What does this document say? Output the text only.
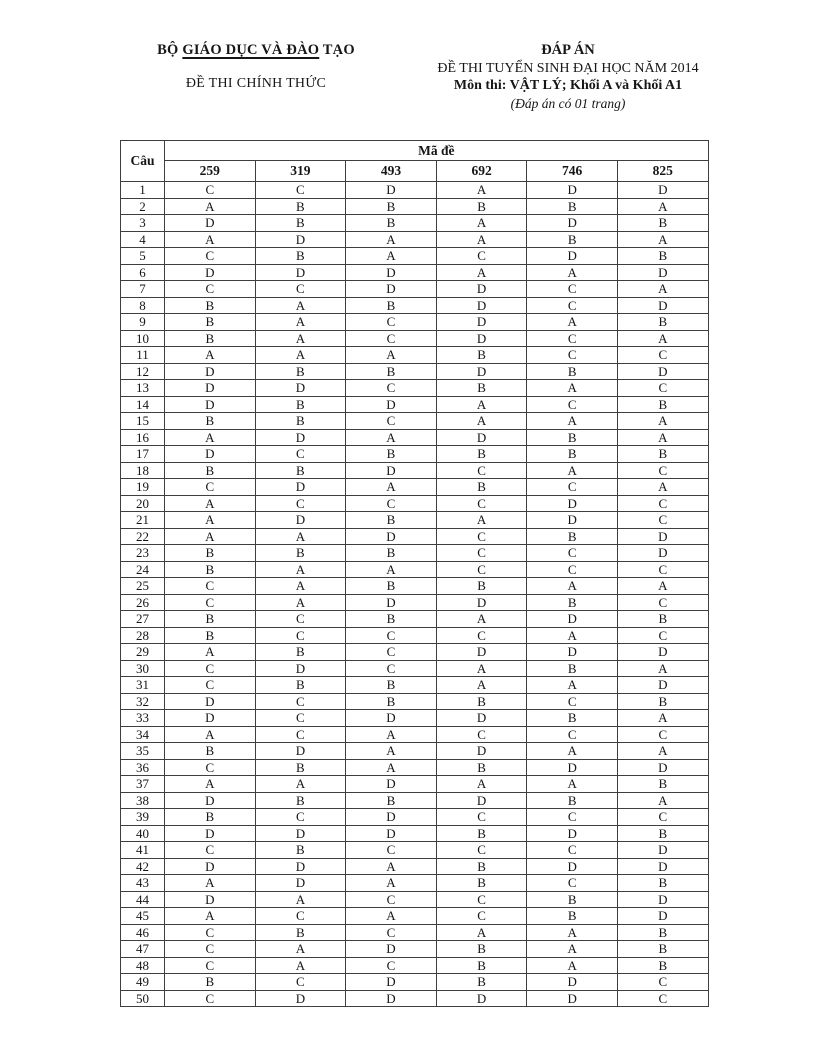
BỘ GIÁO DỤC VÀ ĐÀO TẠO
ĐỀ THI CHÍNH THỨC
ĐÁP ÁN
ĐỀ THI TUYỂN SINH ĐẠI HỌC NĂM 2014
Môn thi: VẬT LÝ; Khối A và Khối A1
(Đáp án có 01 trang)
Câu	Mã đề					
	259	319	493	692	746	825
1	C	C	D	A	D	D
2	A	B	B	B	B	A
3	D	B	B	A	D	B
4	A	D	A	A	B	A
5	C	B	A	C	D	B
6	D	D	D	A	A	D
7	C	C	D	D	C	A
8	B	A	B	D	C	D
9	B	A	C	D	A	B
10	B	A	C	D	C	A
11	A	A	A	B	C	C
12	D	B	B	D	B	D
13	D	D	C	B	A	C
14	D	B	D	A	C	B
15	B	B	C	A	A	A
16	A	D	A	D	B	A
17	D	C	B	B	B	B
18	B	B	D	C	A	C
19	C	D	A	B	C	A
20	A	C	C	C	D	C
21	A	D	B	A	D	C
22	A	A	D	C	B	D
23	B	B	B	C	C	D
24	B	A	A	C	C	C
25	C	A	B	B	A	A
26	C	A	D	D	B	C
27	B	C	B	A	D	B
28	B	C	C	C	A	C
29	A	B	C	D	D	D
30	C	D	C	A	B	A
31	C	B	B	A	A	D
32	D	C	B	B	C	B
33	D	C	D	D	B	A
34	A	C	A	C	C	C
35	B	D	A	D	A	A
36	C	B	A	B	D	D
37	A	A	D	A	A	B
38	D	B	B	D	B	A
39	B	C	D	C	C	C
40	D	D	D	B	D	B
41	C	B	C	C	C	D
42	D	D	A	B	D	D
43	A	D	A	B	C	B
44	D	A	C	C	B	D
45	A	C	A	C	B	D
46	C	B	C	A	A	B
47	C	A	D	B	A	B
48	C	A	C	B	A	B
49	B	C	D	B	D	C
50	C	D	D	D	D	C
